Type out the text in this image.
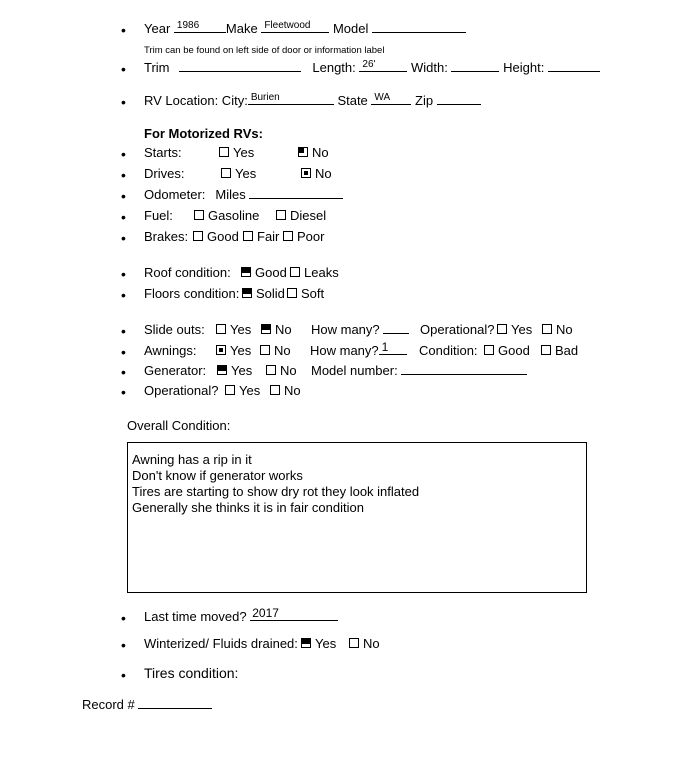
• Year 1986 Make Fleetwood Model
Trim can be found on left side of door or information label
• Trim	Length: 26'	Width:	Height:
• RV Location: City: Burien	State WA Zip
For Motorized RVs:
• Starts:	Yes	No
• Drives:	Yes	No
• Odometer: Miles
• Fuel:	Gasoline	Diesel
• Brakes:	Good	Fair	Poor
• Roof condition:	Good	Leaks
• Floors condition:	Solid	Soft
• Slide outs:	Yes	No How many?	Operational?	Yes	No
• Awnings:	Yes	No How many? 1 Condition:	Good	Bad
• Generator:	Yes	No Model number:
• Operational?	Yes	No
Overall Condition:
Awning has a rip in it
Don't know if generator works
Tires are starting to show dry rot they look inflated
Generally she thinks it is in fair condition
• Last time moved? 2017
• Winterized/ Fluids drained:	Yes	No
• Tires condition:
Record #
